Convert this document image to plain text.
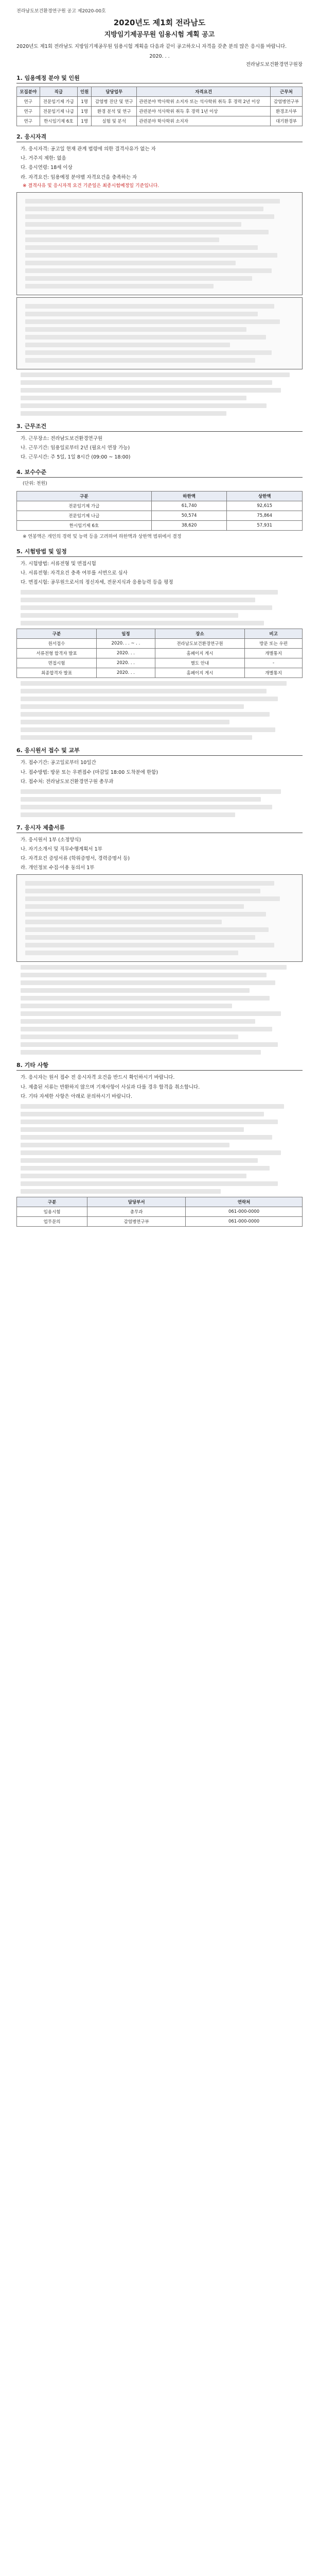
전라남도보건환경연구원 공고 제2020-00호
2020년도 제1회 전라남도
지방임기제공무원 임용시험 계획 공고
2020년도 제1회 전라남도 지방임기제공무원 임용시험 계획을 다음과 같이 공고하오니 자격을 갖춘 분의 많은 응시를 바랍니다.
2020. . .
전라남도보건환경연구원장
1. 임용예정 분야 및 인원
모집분야	직급	인원	담당업무	자격요건	근무처
연구	전문임기제 가급	1명	감염병 진단 및 연구	관련분야 박사학위 소지자 또는 석사학위 취득 후 경력 2년 이상	감염병연구부
연구	전문임기제 나급	1명	환경 분석 및 연구	관련분야 석사학위 취득 후 경력 1년 이상	환경조사부
연구	한시임기제 6호	1명	실험 및 분석	관련분야 학사학위 소지자	대기환경부
2. 응시자격
가. 응시자격: 공고일 현재 관계 법령에 의한 결격사유가 없는 자
나. 거주지 제한: 없음
다. 응시연령: 18세 이상
라. 자격요건: 임용예정 분야별 자격요건을 충족하는 자
※ 결격사유 및 응시자격 요건 기준일은 최종시험예정일 기준입니다.
3. 근무조건
가. 근무장소: 전라남도보건환경연구원
나. 근무기간: 임용일로부터 2년 (필요시 연장 가능)
다. 근무시간: 주 5일, 1일 8시간 (09:00 ~ 18:00)
4. 보수수준
(단위: 천원)
구분	하한액	상한액
전문임기제 가급	61,740	92,615
전문임기제 나급	50,574	75,864
한시임기제 6호	38,620	57,931
※ 연봉액은 개인의 경력 및 능력 등을 고려하여 하한액과 상한액 범위에서 결정
5. 시험방법 및 일정
가. 시험방법: 서류전형 및 면접시험
나. 서류전형: 자격요건 충족 여부를 서면으로 심사
다. 면접시험: 공무원으로서의 정신자세, 전문지식과 응용능력 등을 평정
구분	일정	장소	비고
원서접수	2020. . . ~ . .	전라남도보건환경연구원	방문 또는 우편
서류전형 합격자 발표	2020. . .	홈페이지 게시	개별통지
면접시험	2020. . .	별도 안내	-
최종합격자 발표	2020. . .	홈페이지 게시	개별통지
6. 응시원서 접수 및 교부
가. 접수기간: 공고일로부터 10일간
나. 접수방법: 방문 또는 우편접수 (마감일 18:00 도착분에 한함)
다. 접수처: 전라남도보건환경연구원 총무과
7. 응시자 제출서류
가. 응시원서 1부 (소정양식)
나. 자기소개서 및 직무수행계획서 1부
다. 자격요건 증빙서류 (학위증명서, 경력증명서 등)
라. 개인정보 수집·이용 동의서 1부
8. 기타 사항
가. 응시자는 원서 접수 전 응시자격 요건을 반드시 확인하시기 바랍니다.
나. 제출된 서류는 반환하지 않으며 기재사항이 사실과 다를 경우 합격을 취소합니다.
다. 기타 자세한 사항은 아래로 문의하시기 바랍니다.
구분	담당부서	연락처
임용시험	총무과	061-000-0000
업무문의	감염병연구부	061-000-0000
